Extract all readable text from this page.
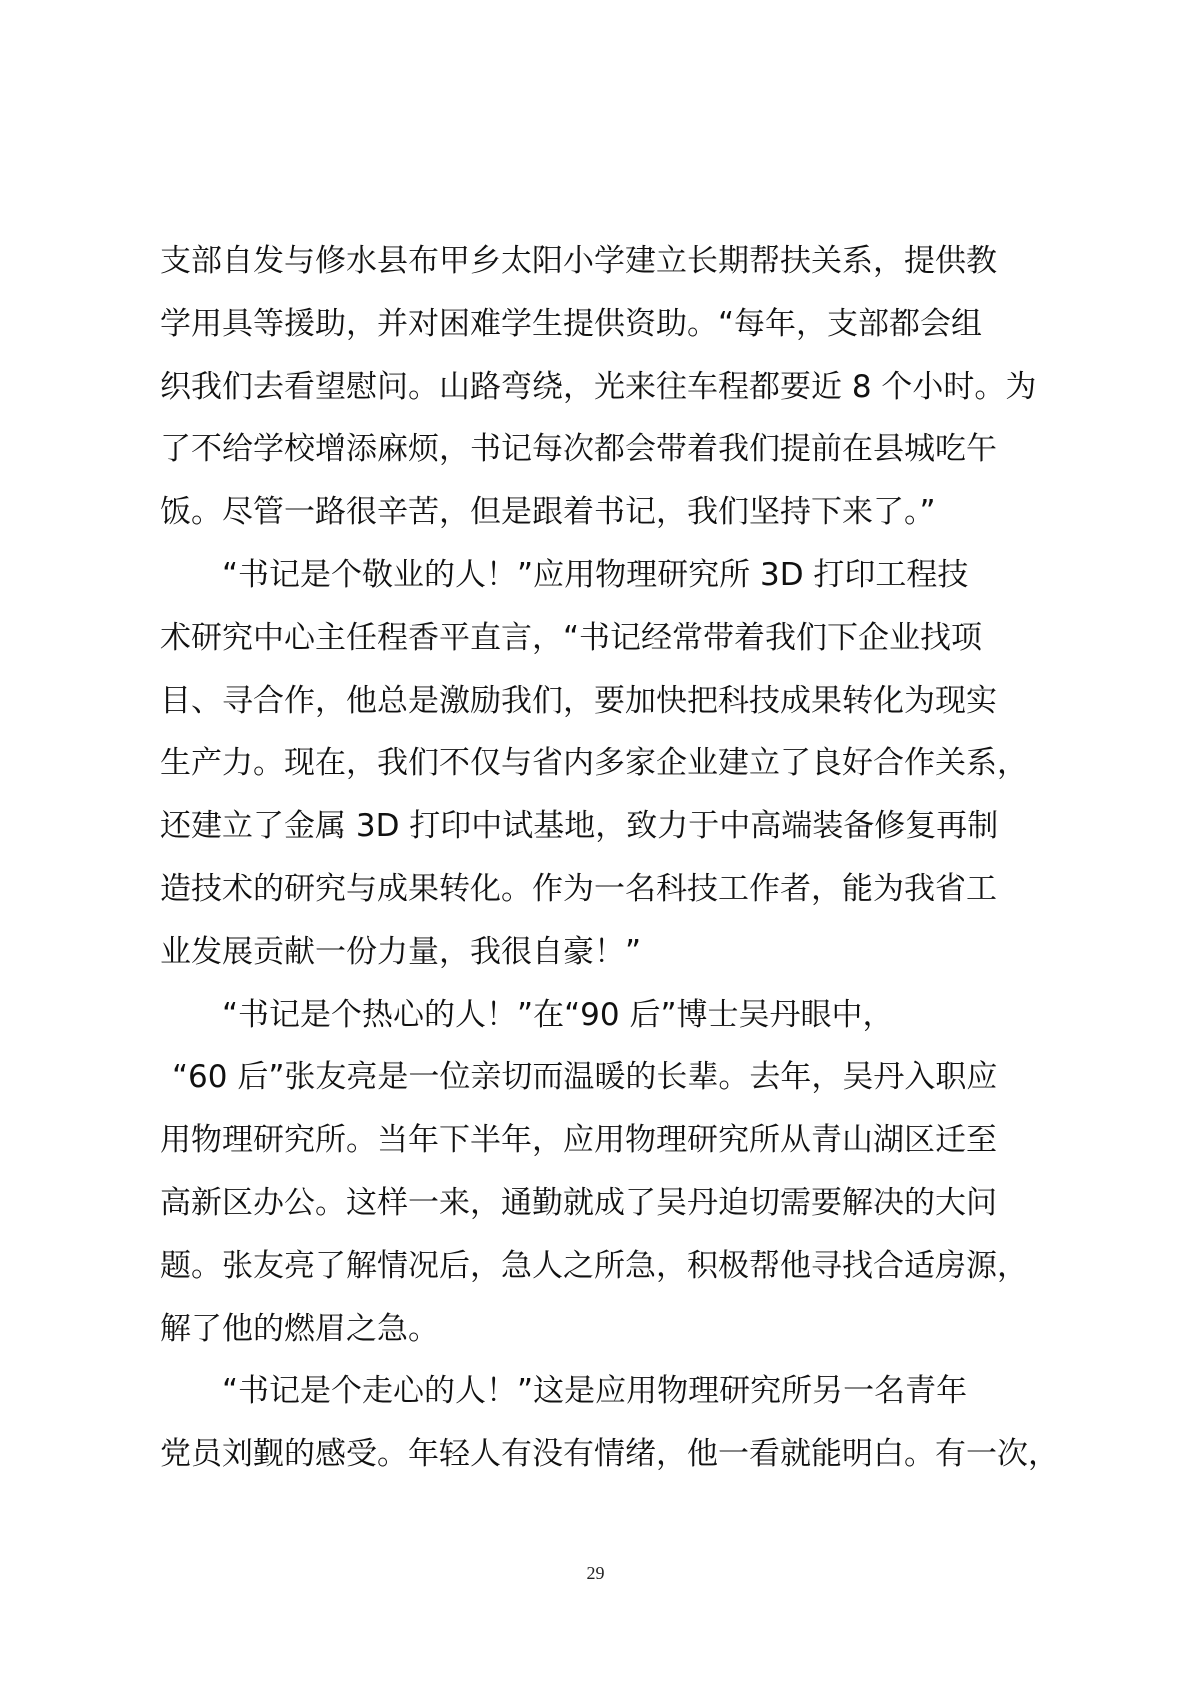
支部自发与修水县布甲乡太阳小学建立长期帮扶关系，提供教
学用具等援助，并对困难学生提供资助。“每年，支部都会组
织我们去看望慰问。山路弯绕，光来往车程都要近 8 个小时。为
了不给学校增添麻烦，书记每次都会带着我们提前在县城吃午
饭。尽管一路很辛苦，但是跟着书记，我们坚持下来了。”
“书记是个敬业的人！”应用物理研究所 3D 打印工程技
术研究中心主任程香平直言，“书记经常带着我们下企业找项
目、寻合作，他总是激励我们，要加快把科技成果转化为现实
生产力。现在，我们不仅与省内多家企业建立了良好合作关系，
还建立了金属 3D 打印中试基地，致力于中高端装备修复再制
造技术的研究与成果转化。作为一名科技工作者，能为我省工
业发展贡献一份力量，我很自豪！”
“书记是个热心的人！”在“90 后”博士吴丹眼中，
“60 后”张友亮是一位亲切而温暖的长辈。去年，吴丹入职应
用物理研究所。当年下半年，应用物理研究所从青山湖区迁至
高新区办公。这样一来，通勤就成了吴丹迫切需要解决的大问
题。张友亮了解情况后，急人之所急，积极帮他寻找合适房源，
解了他的燃眉之急。
“书记是个走心的人！”这是应用物理研究所另一名青年
党员刘觐的感受。年轻人有没有情绪，他一看就能明白。有一次，
29
